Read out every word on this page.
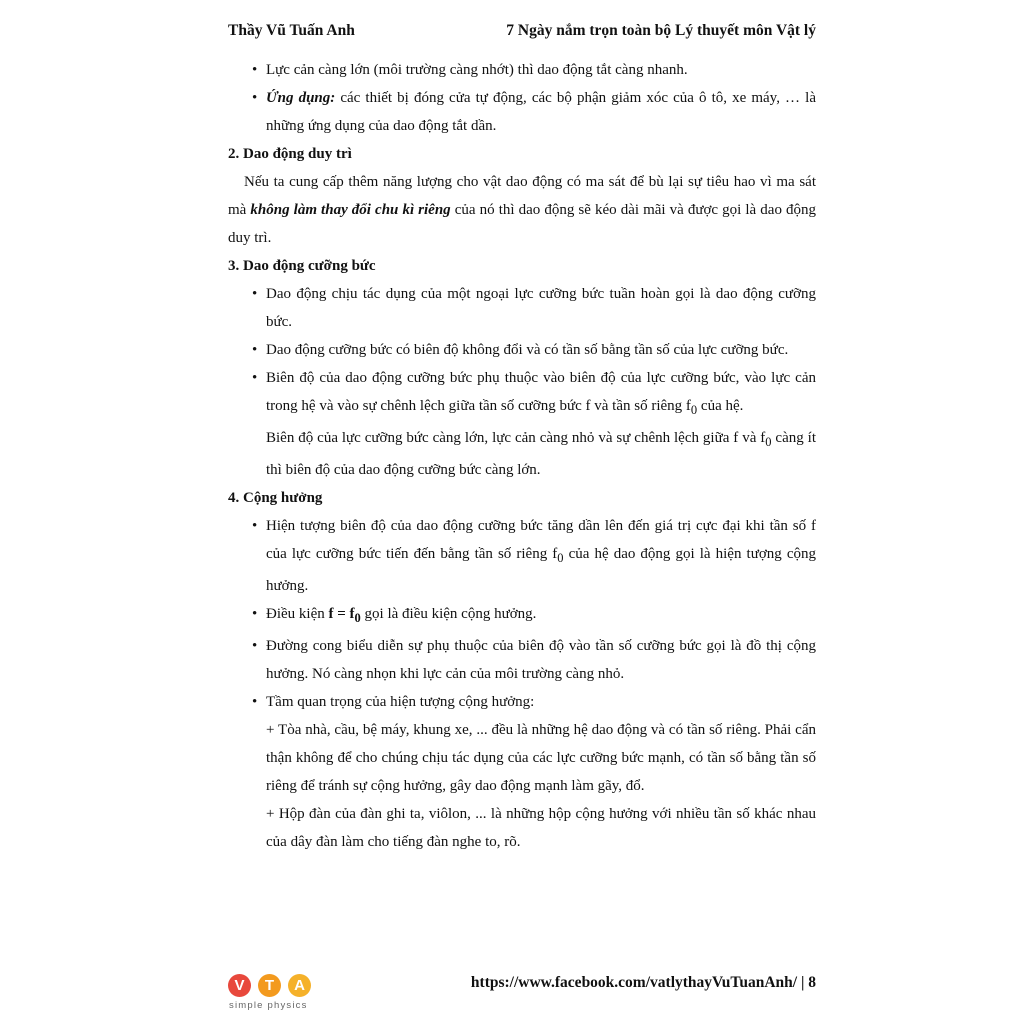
Thầy Vũ Tuấn Anh	7 Ngày nắm trọn toàn bộ Lý thuyết môn Vật lý
• Lực cản càng lớn (môi trường càng nhớt) thì dao động tắt càng nhanh.
• Ứng dụng: các thiết bị đóng cửa tự động, các bộ phận giảm xóc của ô tô, xe máy, … là những ứng dụng của dao động tắt dần.
2. Dao động duy trì
Nếu ta cung cấp thêm năng lượng cho vật dao động có ma sát để bù lại sự tiêu hao vì ma sát mà không làm thay đổi chu kì riêng của nó thì dao động sẽ kéo dài mãi và được gọi là dao động duy trì.
3. Dao động cưỡng bức
• Dao động chịu tác dụng của một ngoại lực cưỡng bức tuần hoàn gọi là dao động cưỡng bức.
• Dao động cưỡng bức có biên độ không đổi và có tần số bằng tần số của lực cưỡng bức.
• Biên độ của dao động cưỡng bức phụ thuộc vào biên độ của lực cưỡng bức, vào lực cản trong hệ và vào sự chênh lệch giữa tần số cưỡng bức f và tần số riêng $f_0$ của hệ.
Biên độ của lực cưỡng bức càng lớn, lực cản càng nhỏ và sự chênh lệch giữa f và $f_0$ càng ít thì biên độ của dao động cưỡng bức càng lớn.
4. Cộng hưởng
• Hiện tượng biên độ của dao động cưỡng bức tăng dần lên đến giá trị cực đại khi tần số f của lực cưỡng bức tiến đến bằng tần số riêng $f_0$ của hệ dao động gọi là hiện tượng cộng hưởng.
• Điều kiện $f = f_0$ gọi là điều kiện cộng hưởng.
• Đường cong biểu diễn sự phụ thuộc của biên độ vào tần số cưỡng bức gọi là đồ thị cộng hưởng. Nó càng nhọn khi lực cản của môi trường càng nhỏ.
• Tầm quan trọng của hiện tượng cộng hưởng:
+ Tòa nhà, cầu, bệ máy, khung xe, ... đều là những hệ dao động và có tần số riêng. Phải cẩn thận không để cho chúng chịu tác dụng của các lực cưỡng bức mạnh, có tần số bằng tần số riêng để tránh sự cộng hưởng, gây dao động mạnh làm gãy, đổ.
+ Hộp đàn của đàn ghi ta, viôlon, ... là những hộp cộng hưởng với nhiều tần số khác nhau của dây đàn làm cho tiếng đàn nghe to, rõ.
V	T	A
simple physics
https://www.facebook.com/vatlythayVuTuanAnh/ | 8
